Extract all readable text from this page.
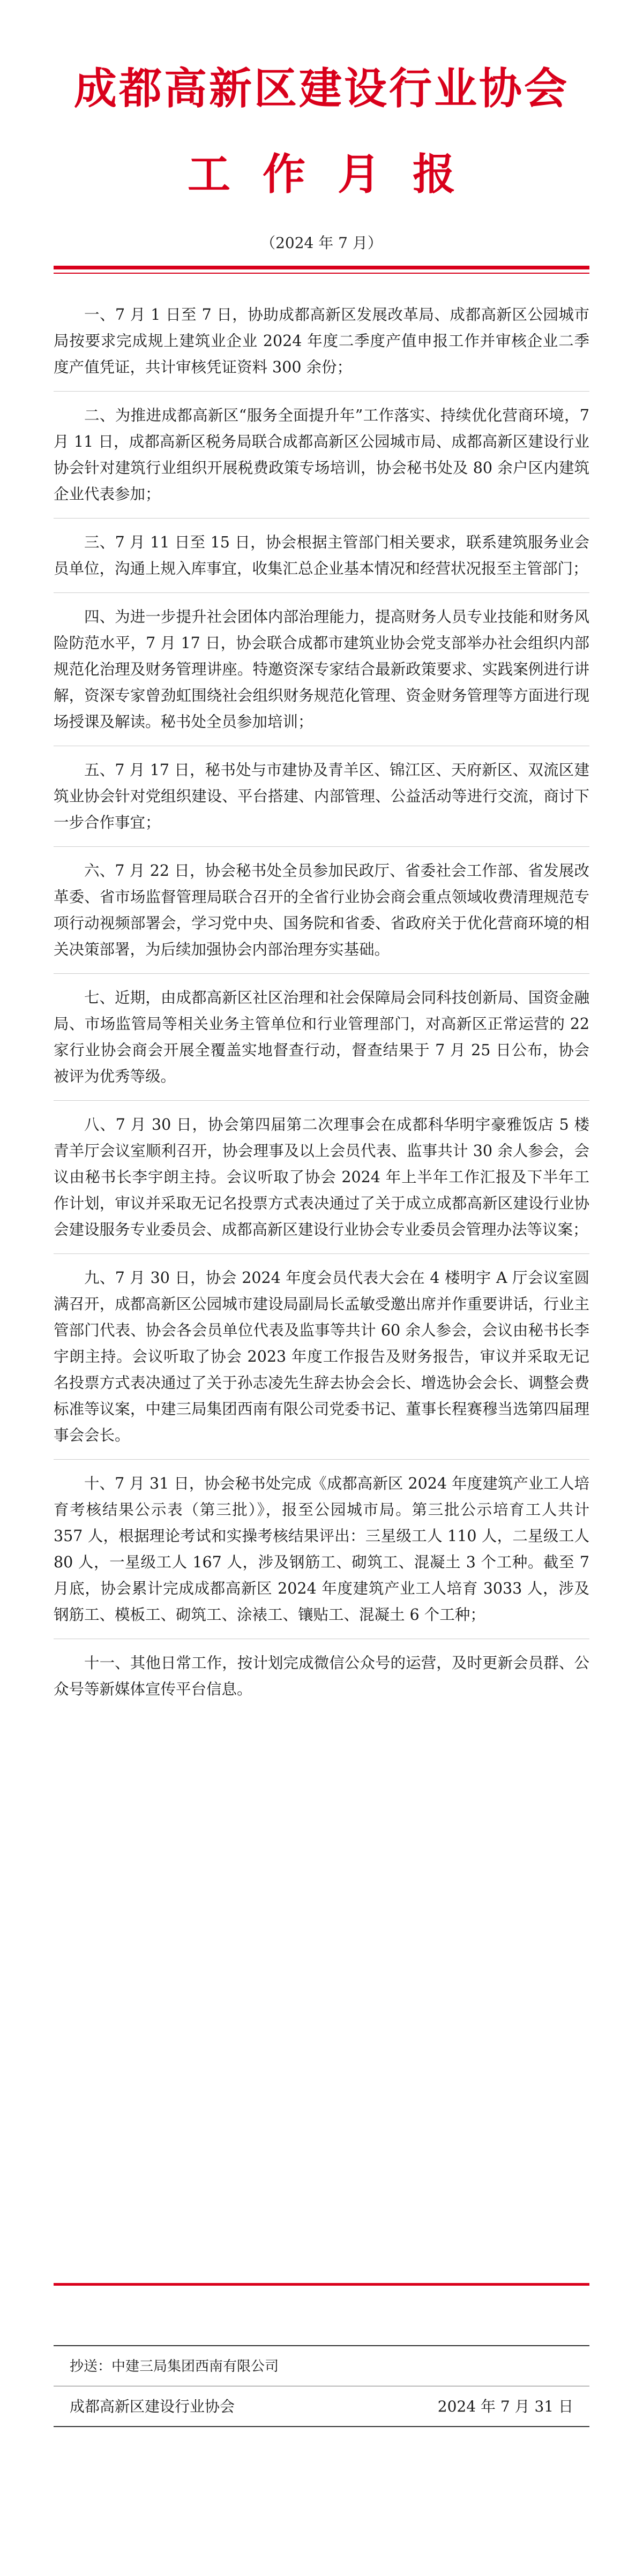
成都高新区建设行业协会
工作月报
（2024 年 7 月）

一、7 月 1 日至 7 日，协助成都高新区发展改革局、成都高新区公园城市局按要求完成规上建筑业企业 2024 年度二季度产值申报工作并审核企业二季度产值凭证，共计审核凭证资料 300 余份；

二、为推进成都高新区“服务全面提升年”工作落实、持续优化营商环境，7 月 11 日，成都高新区税务局联合成都高新区公园城市局、成都高新区建设行业协会针对建筑行业组织开展税费政策专场培训，协会秘书处及 80 余户区内建筑企业代表参加；

三、7 月 11 日至 15 日，协会根据主管部门相关要求，联系建筑服务业会员单位，沟通上规入库事宜，收集汇总企业基本情况和经营状况报至主管部门；

四、为进一步提升社会团体内部治理能力，提高财务人员专业技能和财务风险防范水平，7 月 17 日，协会联合成都市建筑业协会党支部举办社会组织内部规范化治理及财务管理讲座。特邀资深专家结合最新政策要求、实践案例进行讲解，资深专家曾劲虹围绕社会组织财务规范化管理、资金财务管理等方面进行现场授课及解读。秘书处全员参加培训；

五、7 月 17 日，秘书处与市建协及青羊区、锦江区、天府新区、双流区建筑业协会针对党组织建设、平台搭建、内部管理、公益活动等进行交流，商讨下一步合作事宜；

六、7 月 22 日，协会秘书处全员参加民政厅、省委社会工作部、省发展改革委、省市场监督管理局联合召开的全省行业协会商会重点领域收费清理规范专项行动视频部署会，学习党中央、国务院和省委、省政府关于优化营商环境的相关决策部署，为后续加强协会内部治理夯实基础。

七、近期，由成都高新区社区治理和社会保障局会同科技创新局、国资金融局、市场监管局等相关业务主管单位和行业管理部门，对高新区正常运营的 22 家行业协会商会开展全覆盖实地督查行动，督查结果于 7 月 25 日公布，协会被评为优秀等级。

八、7 月 30 日，协会第四届第二次理事会在成都科华明宇豪雅饭店 5 楼青羊厅会议室顺利召开，协会理事及以上会员代表、监事共计 30 余人参会，会议由秘书长李宇朗主持。会议听取了协会 2024 年上半年工作汇报及下半年工作计划，审议并采取无记名投票方式表决通过了关于成立成都高新区建设行业协会建设服务专业委员会、成都高新区建设行业协会专业委员会管理办法等议案；

九、7 月 30 日，协会 2024 年度会员代表大会在 4 楼明宇 A 厅会议室圆满召开，成都高新区公园城市建设局副局长孟敏受邀出席并作重要讲话，行业主管部门代表、协会各会员单位代表及监事等共计 60 余人参会，会议由秘书长李宇朗主持。会议听取了协会 2023 年度工作报告及财务报告，审议并采取无记名投票方式表决通过了关于孙志凌先生辞去协会会长、增选协会会长、调整会费标准等议案，中建三局集团西南有限公司党委书记、董事长程赛穆当选第四届理事会会长。

十、7 月 31 日，协会秘书处完成《成都高新区 2024 年度建筑产业工人培育考核结果公示表（第三批）》，报至公园城市局。第三批公示培育工人共计 357 人，根据理论考试和实操考核结果评出：三星级工人 110 人，二星级工人 80 人，一星级工人 167 人，涉及钢筋工、砌筑工、混凝土 3 个工种。截至 7 月底，协会累计完成成都高新区 2024 年度建筑产业工人培育 3033 人，涉及钢筋工、模板工、砌筑工、涂裱工、镶贴工、混凝土 6 个工种；

十一、其他日常工作，按计划完成微信公众号的运营，及时更新会员群、公众号等新媒体宣传平台信息。

抄送：中建三局集团西南有限公司
成都高新区建设行业协会	2024 年 7 月 31 日
